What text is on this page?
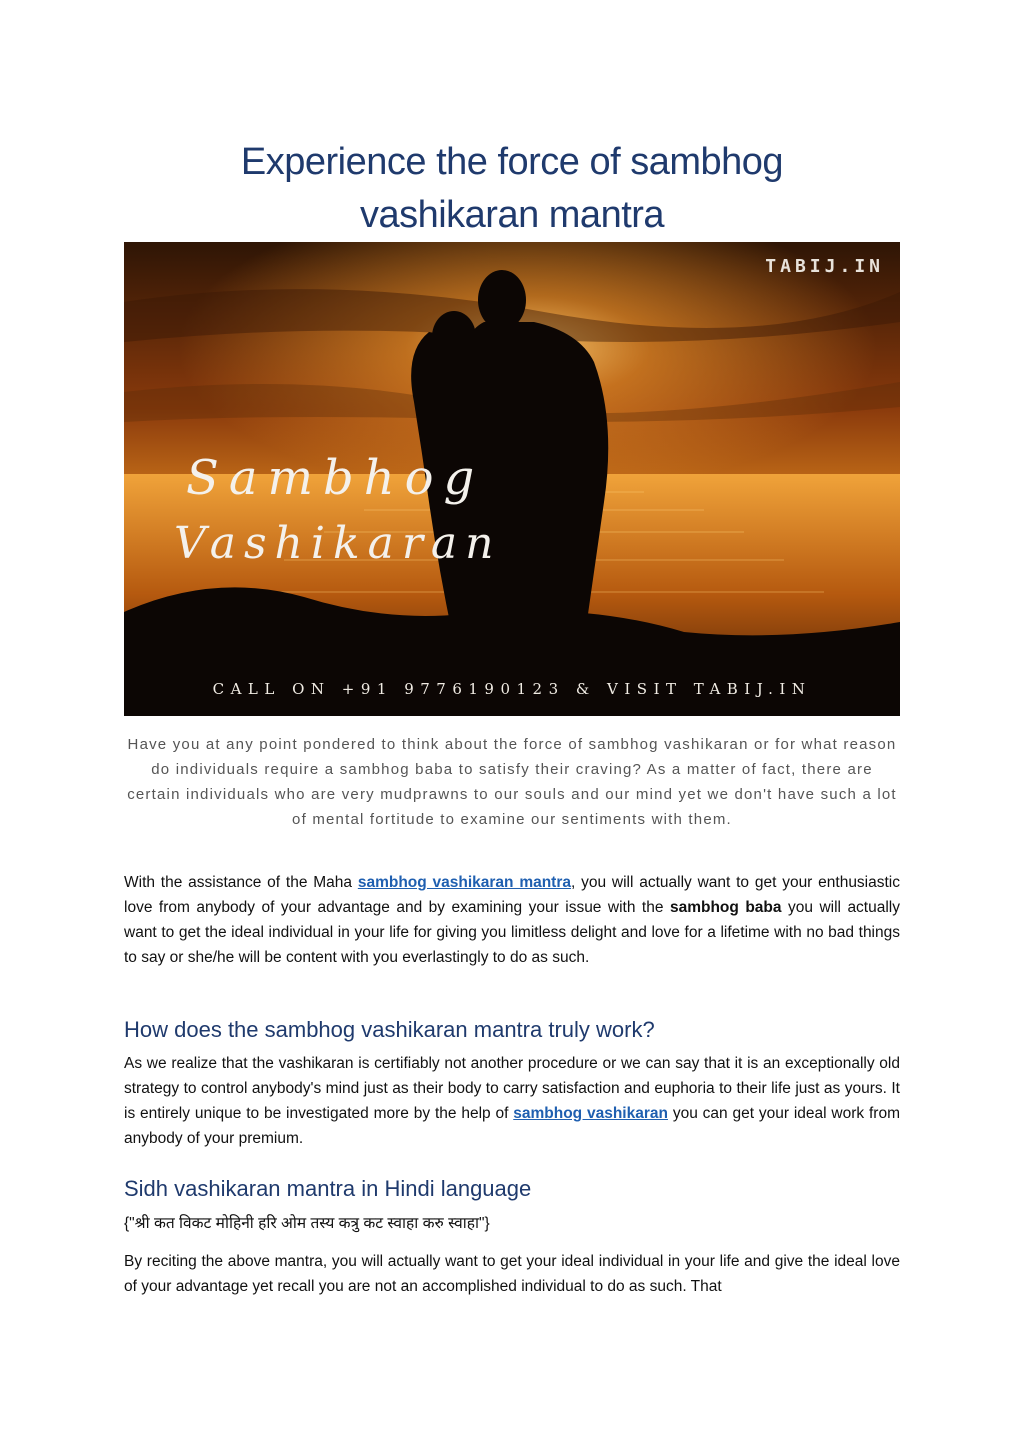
Experience the force of sambhog
vashikaran mantra
TABIJ.IN
Sambhog
Vashikaran
CALL ON +91 9776190123 & VISIT TABIJ.IN

Have you at any point pondered to think about the force of sambhog vashikaran or for what reason do individuals require a sambhog baba to satisfy their craving? As a matter of fact, there are certain individuals who are very mudprawns to our souls and our mind yet we don't have such a lot of mental fortitude to examine our sentiments with them.

With the assistance of the Maha sambhog vashikaran mantra, you will actually want to get your enthusiastic love from anybody of your advantage and by examining your issue with the sambhog baba you will actually want to get the ideal individual in your life for giving you limitless delight and love for a lifetime with no bad things to say or she/he will be content with you everlastingly to do as such.

How does the sambhog vashikaran mantra truly work?

As we realize that the vashikaran is certifiably not another procedure or we can say that it is an exceptionally old strategy to control anybody's mind just as their body to carry satisfaction and euphoria to their life just as yours. It is entirely unique to be investigated more by the help of sambhog vashikaran you can get your ideal work from anybody of your premium.

Sidh vashikaran mantra in Hindi language

{"श्री कत विकट मोहिनी हरि ओम तस्य कत्रु कट स्वाहा करु स्वाहा"}

By reciting the above mantra, you will actually want to get your ideal individual in your life and give the ideal love of your advantage yet recall you are not an accomplished individual to do as such. That
